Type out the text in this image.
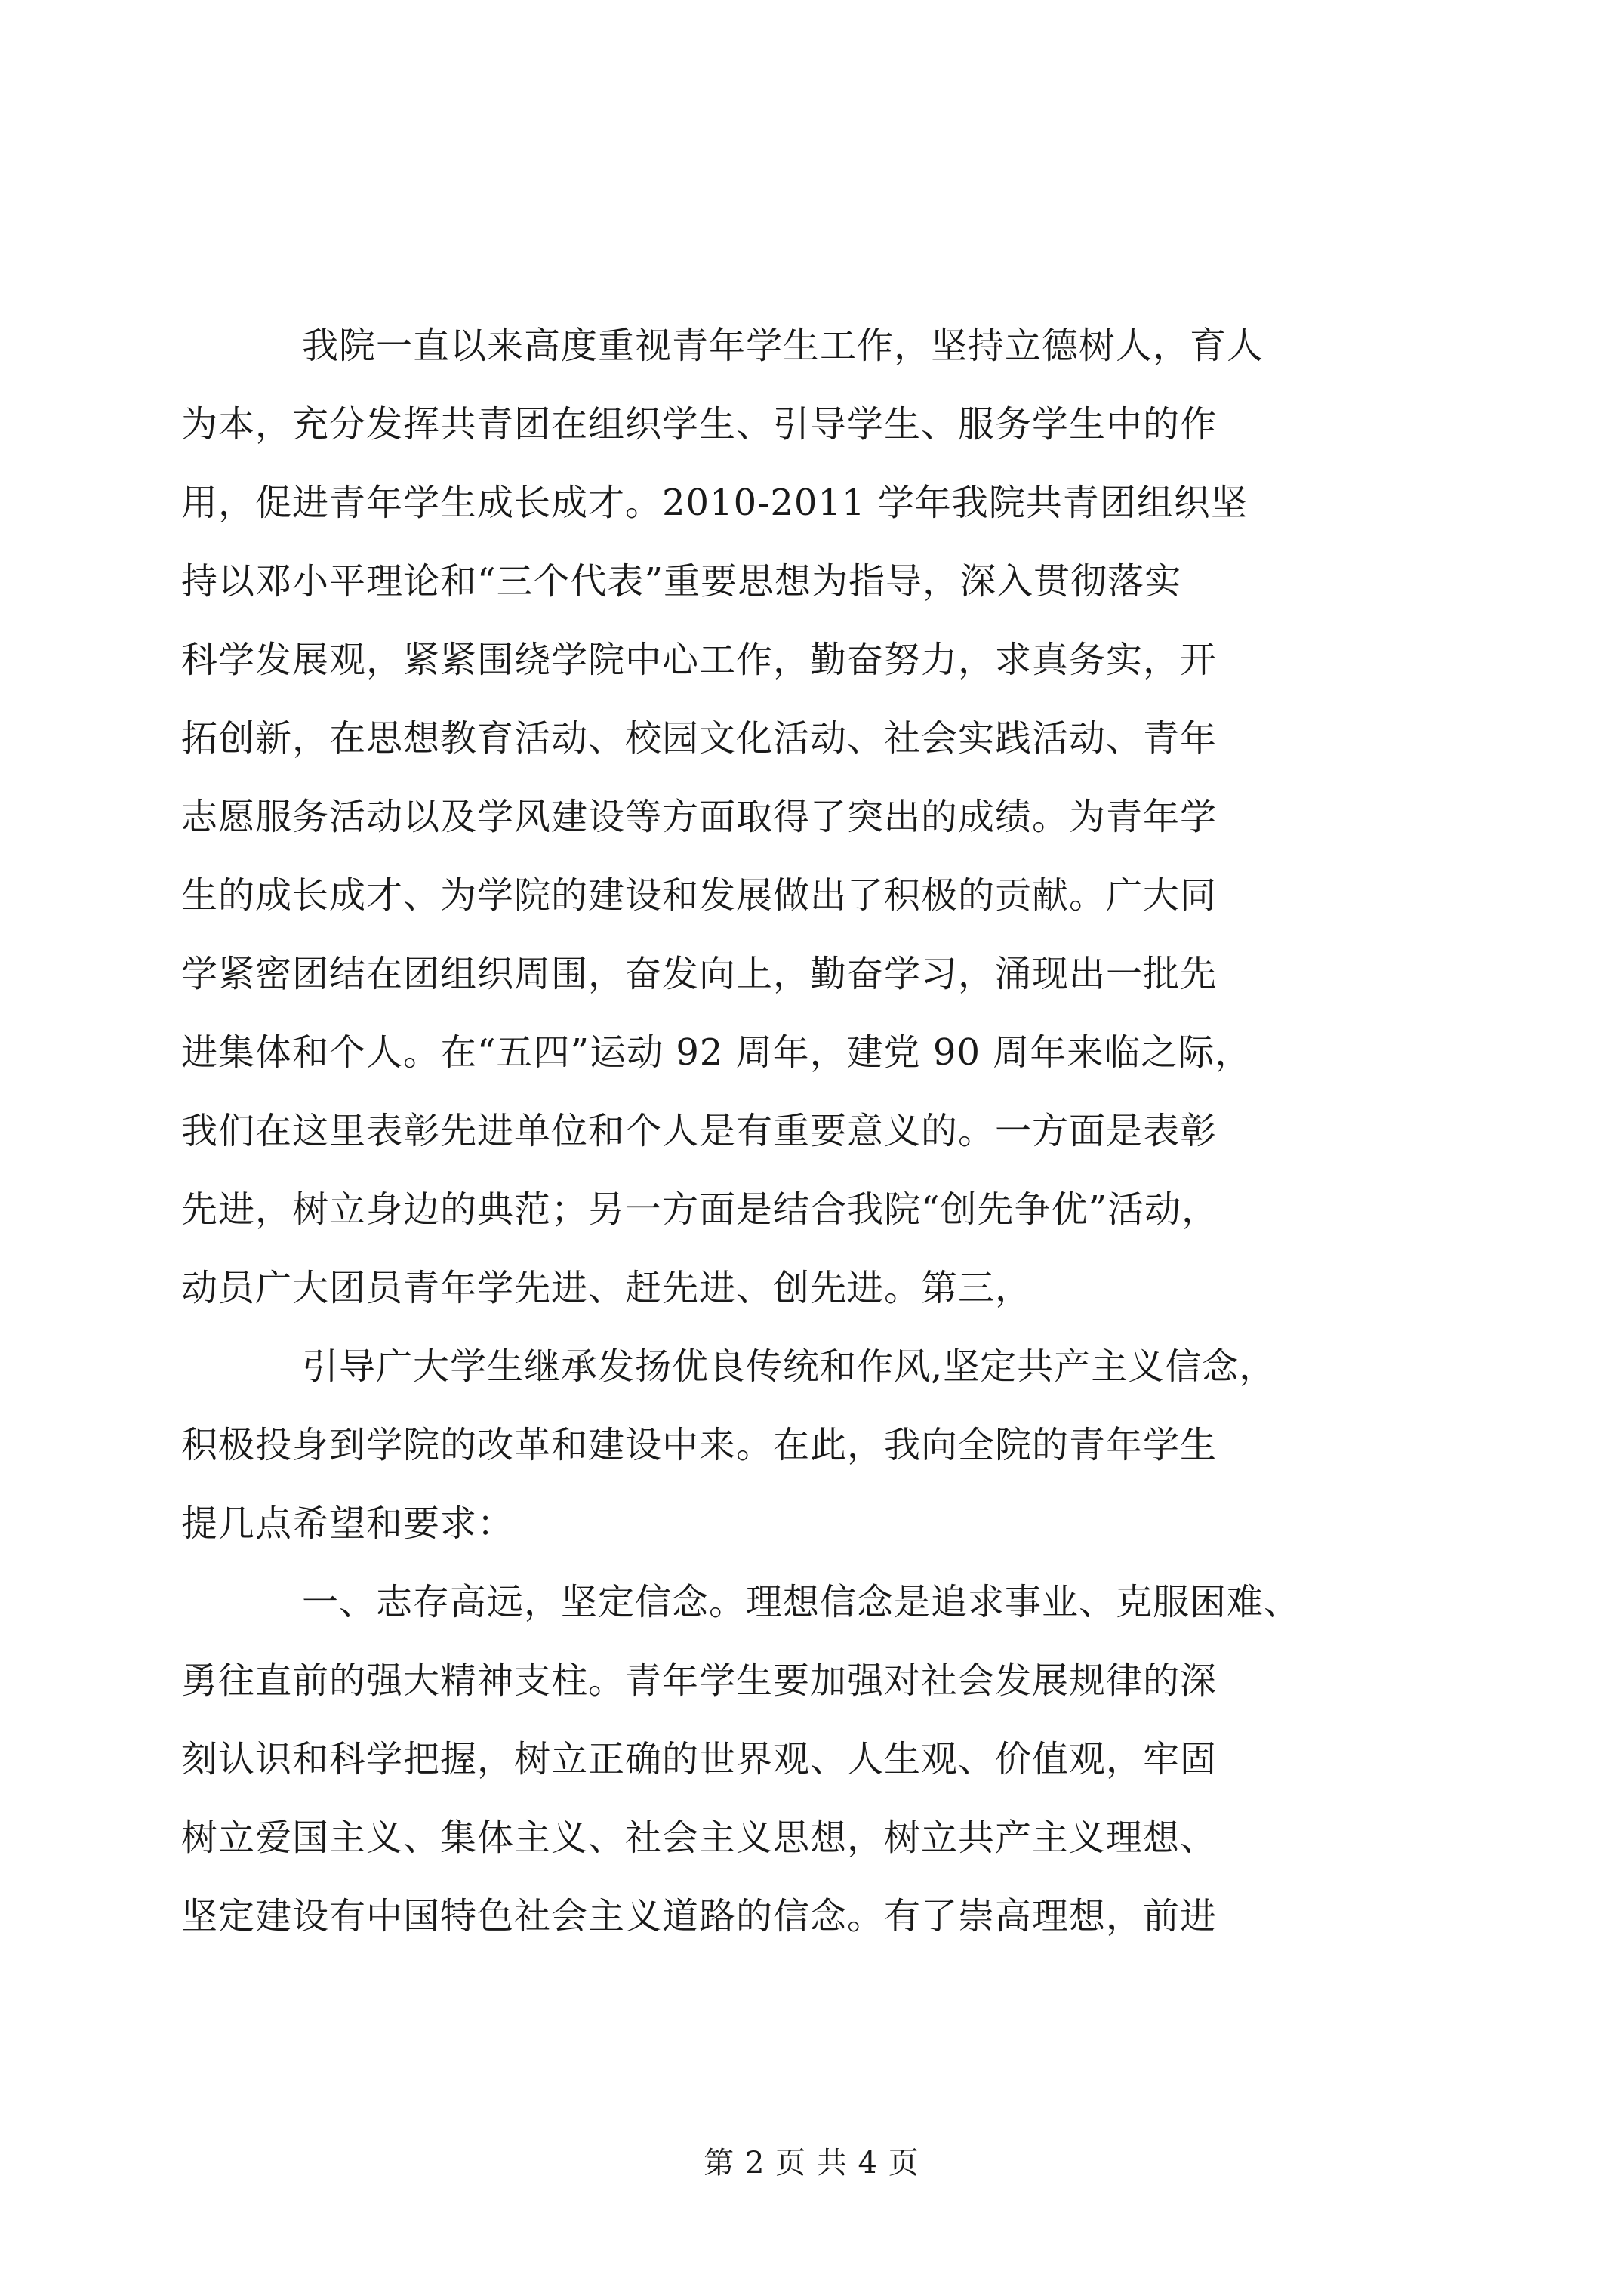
我院一直以来高度重视青年学生工作，坚持立德树人，育人
为本，充分发挥共青团在组织学生、引导学生、服务学生中的作
用，促进青年学生成长成才。2010-2011 学年我院共青团组织坚
持以邓小平理论和“三个代表”重要思想为指导，深入贯彻落实
科学发展观，紧紧围绕学院中心工作，勤奋努力，求真务实，开
拓创新，在思想教育活动、校园文化活动、社会实践活动、青年
志愿服务活动以及学风建设等方面取得了突出的成绩。为青年学
生的成长成才、为学院的建设和发展做出了积极的贡献。广大同
学紧密团结在团组织周围，奋发向上，勤奋学习，涌现出一批先
进集体和个人。在“五四”运动 92 周年，建党 90 周年来临之际，
我们在这里表彰先进单位和个人是有重要意义的。一方面是表彰
先进，树立身边的典范；另一方面是结合我院“创先争优”活动，
动员广大团员青年学先进、赶先进、创先进。第三，
引导广大学生继承发扬优良传统和作风,坚定共产主义信念，
积极投身到学院的改革和建设中来。在此，我向全院的青年学生
提几点希望和要求：
一、志存高远，坚定信念。理想信念是追求事业、克服困难、
勇往直前的强大精神支柱。青年学生要加强对社会发展规律的深
刻认识和科学把握，树立正确的世界观、人生观、价值观，牢固
树立爱国主义、集体主义、社会主义思想，树立共产主义理想、
坚定建设有中国特色社会主义道路的信念。有了崇高理想，前进
第 2 页 共 4 页
